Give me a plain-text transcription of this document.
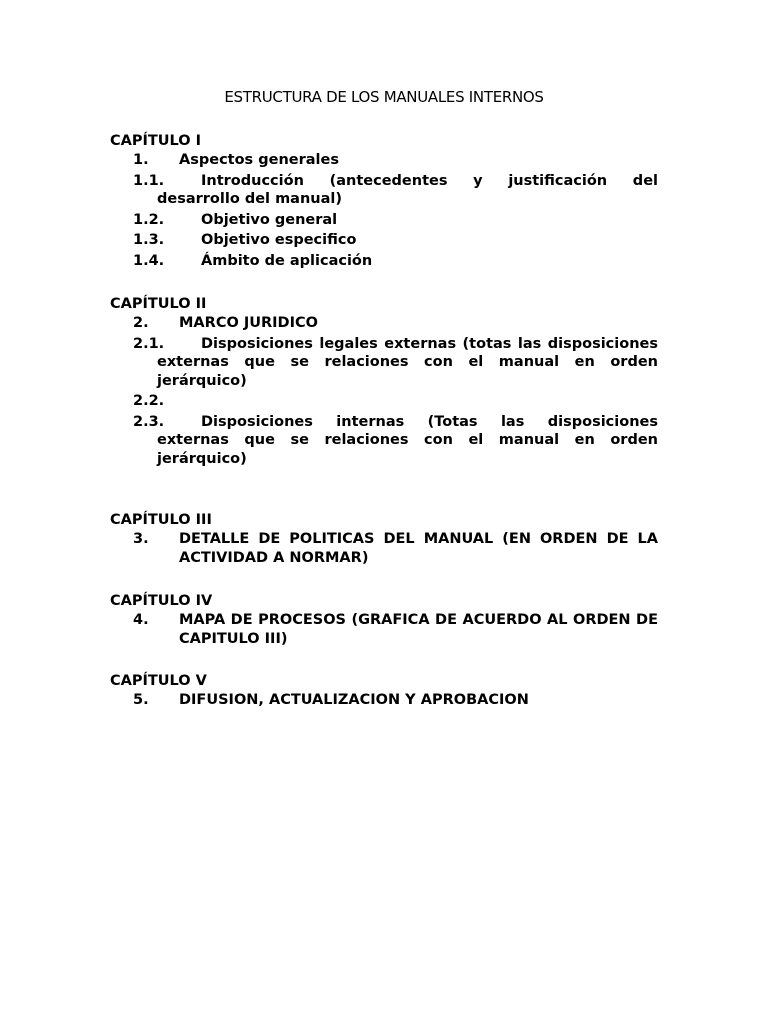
ESTRUCTURA DE LOS MANUALES INTERNOS
CAPÍTULO I
1.	Aspectos generales
1.1.	Introducción (antecedentes y justificación del desarrollo del manual)
1.2.	Objetivo general
1.3.	Objetivo especifico
1.4.	Ámbito de aplicación
CAPÍTULO II
2.	MARCO JURIDICO
2.1.	Disposiciones legales externas (totas las disposiciones externas que se relaciones con el manual en orden jerárquico)
2.2.
2.3.	Disposiciones internas (Totas las disposiciones externas que se relaciones con el manual en orden jerárquico)
CAPÍTULO III
3.	DETALLE DE POLITICAS DEL MANUAL (EN ORDEN DE LA ACTIVIDAD A NORMAR)
CAPÍTULO IV
4.	MAPA DE PROCESOS (GRAFICA DE ACUERDO AL ORDEN DE CAPITULO III)
CAPÍTULO V
5.	DIFUSION, ACTUALIZACION Y APROBACION
